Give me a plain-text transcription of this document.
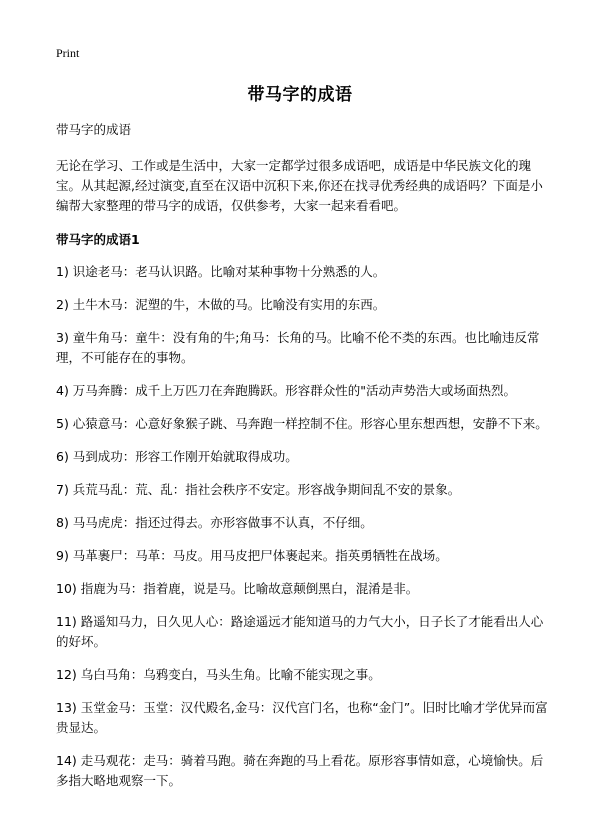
Print
带马字的成语

带马字的成语

无论在学习、工作或是生活中，大家一定都学过很多成语吧，成语是中华民族文化的瑰宝。从其起源,经过演变,直至在汉语中沉积下来,你还在找寻优秀经典的成语吗？下面是小编帮大家整理的带马字的成语，仅供参考，大家一起来看看吧。

带马字的成语1

1) 识途老马：老马认识路。比喻对某种事物十分熟悉的人。

2) 土牛木马：泥塑的牛，木做的马。比喻没有实用的东西。

3) 童牛角马：童牛：没有角的牛;角马：长角的马。比喻不伦不类的东西。也比喻违反常理，不可能存在的事物。

4) 万马奔腾：成千上万匹刀在奔跑腾跃。形容群众性的"活动声势浩大或场面热烈。

5) 心猿意马：心意好象猴子跳、马奔跑一样控制不住。形容心里东想西想，安静不下来。

6) 马到成功：形容工作刚开始就取得成功。

7) 兵荒马乱：荒、乱：指社会秩序不安定。形容战争期间乱不安的景象。

8) 马马虎虎：指还过得去。亦形容做事不认真，不仔细。

9) 马革裹尸：马革：马皮。用马皮把尸体裹起来。指英勇牺牲在战场。

10) 指鹿为马：指着鹿，说是马。比喻故意颠倒黑白，混淆是非。

11) 路遥知马力，日久见人心：路途遥远才能知道马的力气大小，日子长了才能看出人心的好坏。

12) 乌白马角：乌鸦变白，马头生角。比喻不能实现之事。

13) 玉堂金马：玉堂：汉代殿名,金马：汉代宫门名，也称“金门”。旧时比喻才学优异而富贵显达。

14) 走马观花：走马：骑着马跑。骑在奔跑的马上看花。原形容事情如意，心境愉快。后多指大略地观察一下。
